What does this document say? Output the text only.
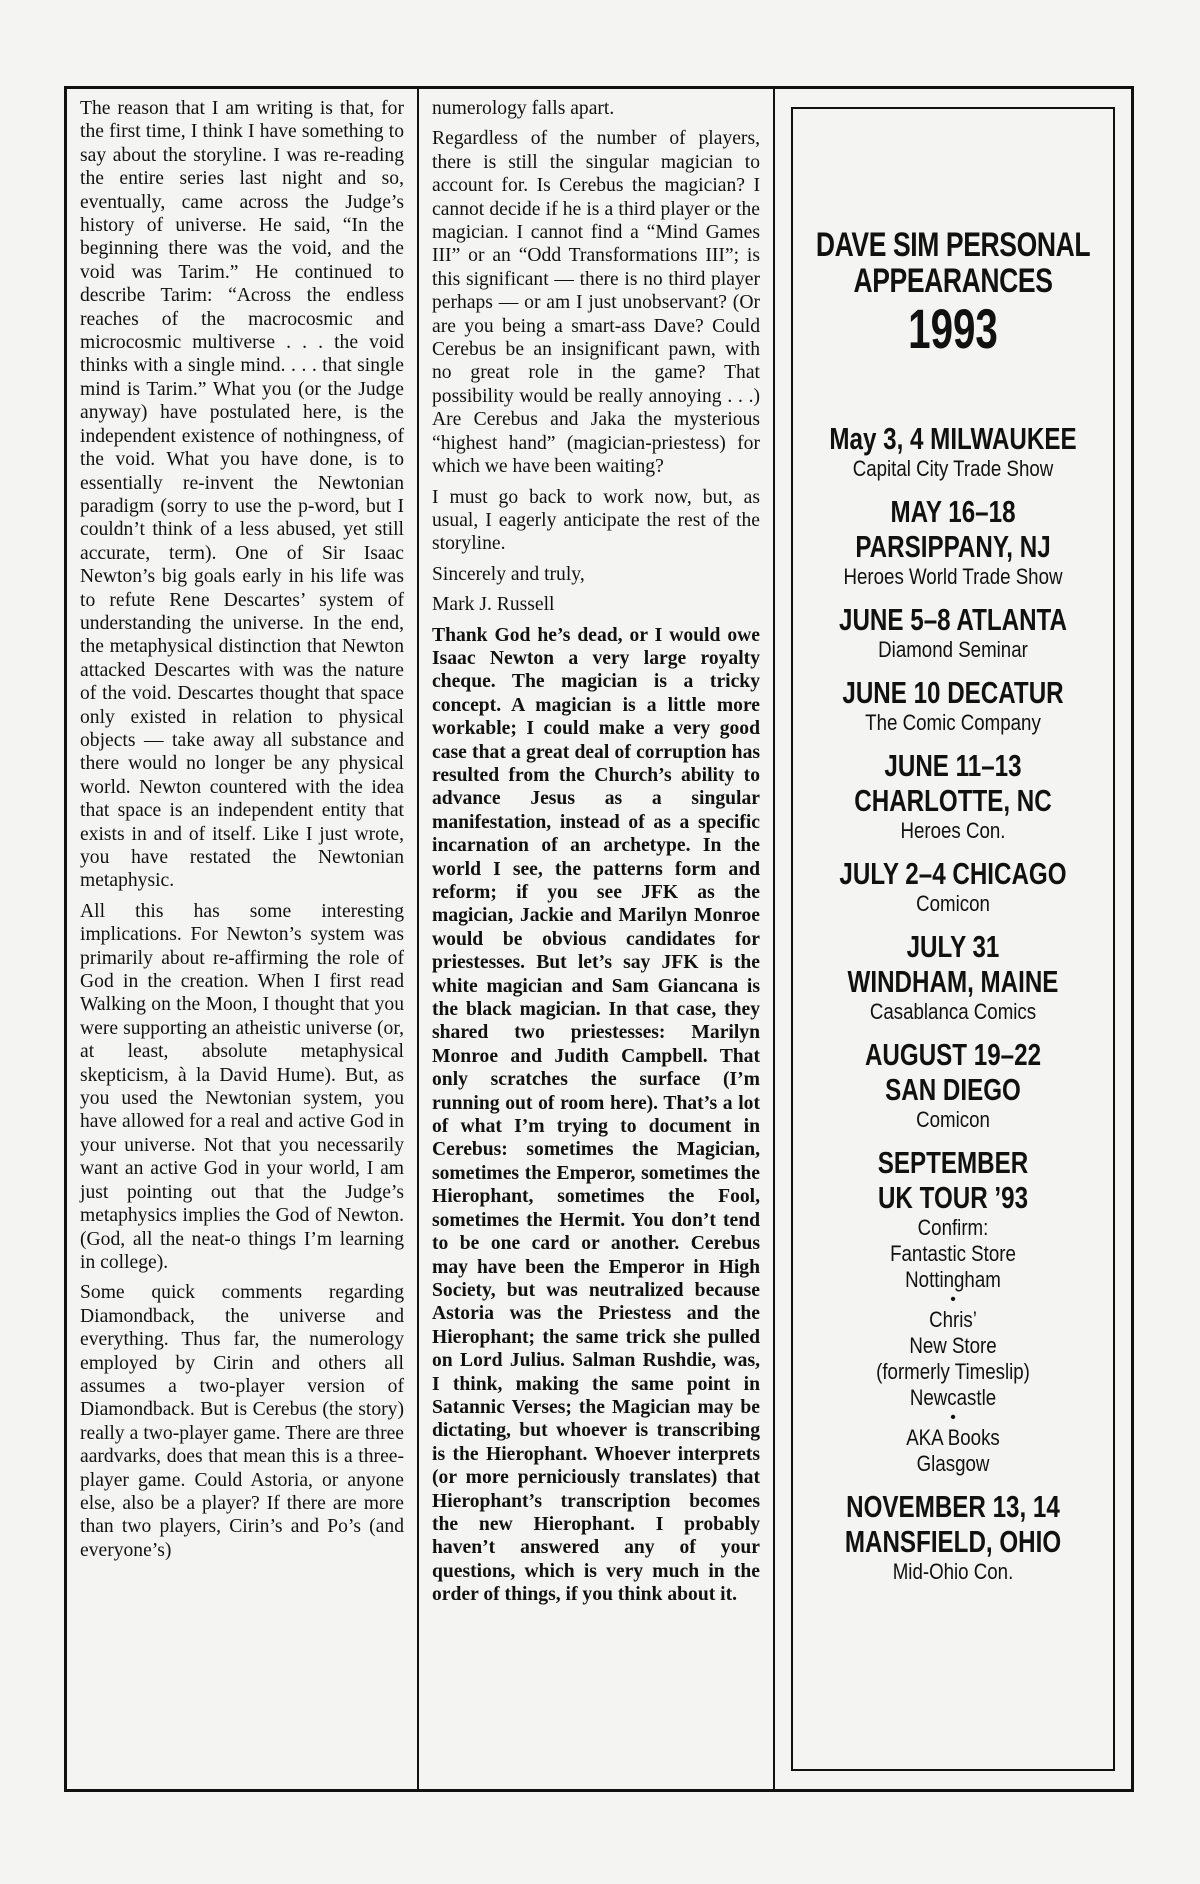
The reason that I am writing is that, for the first time, I think I have something to say about the storyline. I was re-reading the entire series last night and so, eventually, came across the Judge’s history of universe. He said, “In the beginning there was the void, and the void was Tarim.” He continued to describe Tarim: “Across the endless reaches of the macrocosmic and microcosmic multiverse . . . the void thinks with a single mind. . . . that single mind is Tarim.” What you (or the Judge anyway) have postulated here, is the independent existence of nothingness, of the void. What you have done, is to essentially re-invent the Newtonian paradigm (sorry to use the p-word, but I couldn’t think of a less abused, yet still accurate, term). One of Sir Isaac Newton’s big goals early in his life was to refute Rene Descartes’ system of understanding the universe. In the end, the metaphysical distinction that Newton attacked Descartes with was the nature of the void. Descartes thought that space only existed in relation to physical objects — take away all substance and there would no longer be any physical world. Newton countered with the idea that space is an independent entity that exists in and of itself. Like I just wrote, you have restated the Newtonian metaphysic.

All this has some interesting implications. For Newton’s system was primarily about re-affirming the role of God in the creation. When I first read Walking on the Moon, I thought that you were supporting an atheistic universe (or, at least, absolute metaphysical skepticism, à la David Hume). But, as you used the Newtonian system, you have allowed for a real and active God in your universe. Not that you necessarily want an active God in your world, I am just pointing out that the Judge’s metaphysics implies the God of Newton. (God, all the neat-o things I’m learning in college).

Some quick comments regarding Diamondback, the universe and everything. Thus far, the numerology employed by Cirin and others all assumes a two-player version of Diamondback. But is Cerebus (the story) really a two-player game. There are three aardvarks, does that mean this is a three-player game. Could Astoria, or anyone else, also be a player? If there are more than two players, Cirin’s and Po’s (and everyone’s)

numerology falls apart.

Regardless of the number of players, there is still the singular magician to account for. Is Cerebus the magician? I cannot decide if he is a third player or the magician. I cannot find a “Mind Games III” or an “Odd Transformations III”; is this significant — there is no third player perhaps — or am I just unobservant? (Or are you being a smart-ass Dave? Could Cerebus be an insignificant pawn, with no great role in the game? That possibility would be really annoying . . .) Are Cerebus and Jaka the mysterious “highest hand” (magician-priestess) for which we have been waiting?

I must go back to work now, but, as usual, I eagerly anticipate the rest of the storyline.

Sincerely and truly,

Mark J. Russell

Thank God he’s dead, or I would owe Isaac Newton a very large royalty cheque. The magician is a tricky concept. A magician is a little more workable; I could make a very good case that a great deal of corruption has resulted from the Church’s ability to advance Jesus as a singular manifestation, instead of as a specific incarnation of an archetype. In the world I see, the patterns form and reform; if you see JFK as the magician, Jackie and Marilyn Monroe would be obvious candidates for priestesses. But let’s say JFK is the white magician and Sam Giancana is the black magician. In that case, they shared two priestesses: Marilyn Monroe and Judith Campbell. That only scratches the surface (I’m running out of room here). That’s a lot of what I’m trying to document in Cerebus: sometimes the Magician, sometimes the Emperor, sometimes the Hierophant, sometimes the Fool, sometimes the Hermit. You don’t tend to be one card or another. Cerebus may have been the Emperor in High Society, but was neutralized because Astoria was the Priestess and the Hierophant; the same trick she pulled on Lord Julius. Salman Rushdie, was, I think, making the same point in Satannic Verses; the Magician may be dictating, but whoever is transcribing is the Hierophant. Whoever interprets (or more perniciously translates) that Hierophant’s transcription becomes the new Hierophant. I probably haven’t answered any of your questions, which is very much in the order of things, if you think about it.

DAVE SIM PERSONAL
APPEARANCES
1993
May 3, 4 MILWAUKEE
Capital City Trade Show
MAY 16–18
PARSIPPANY, NJ
Heroes World Trade Show
JUNE 5–8 ATLANTA
Diamond Seminar
JUNE 10 DECATUR
The Comic Company
JUNE 11–13
CHARLOTTE, NC
Heroes Con.
JULY 2–4 CHICAGO
Comicon
JULY 31
WINDHAM, MAINE
Casablanca Comics
AUGUST 19–22
SAN DIEGO
Comicon
SEPTEMBER
UK TOUR ’93
Confirm:
Fantastic Store
Nottingham
•
Chris’
New Store
(formerly Timeslip)
Newcastle
•
AKA Books
Glasgow
NOVEMBER 13, 14
MANSFIELD, OHIO
Mid-Ohio Con.
